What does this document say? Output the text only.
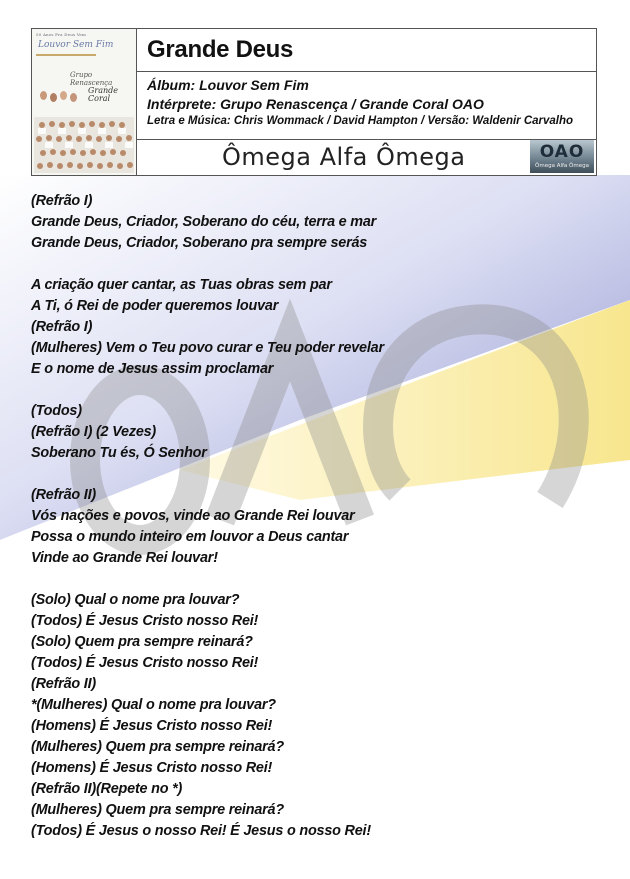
50 Anos Pra Deus Vem
Louvor Sem Fim
Grupo Renascença
Grande Coral
Grande Deus
Álbum: Louvor Sem Fim
Intérprete: Grupo Renascença / Grande Coral OAO
Letra e Música: Chris Wommack / David Hampton / Versão: Waldenir Carvalho
Ômega Alfa Ômega	OAO
Ômega Alfa Ômega
(Refrão I)
Grande Deus, Criador, Soberano do céu, terra e mar
Grande Deus, Criador, Soberano pra sempre serás
A criação quer cantar, as Tuas obras sem par
A Ti, ó Rei de poder queremos louvar
(Refrão I)
(Mulheres) Vem o Teu povo curar e Teu poder revelar
E o nome de Jesus assim proclamar
(Todos)
(Refrão I) (2 Vezes)
Soberano Tu és, Ó Senhor
(Refrão II)
Vós nações e povos, vinde ao Grande Rei louvar
Possa o mundo inteiro em louvor a Deus cantar
Vinde ao Grande Rei louvar!
(Solo) Qual o nome pra louvar?
(Todos) É Jesus Cristo nosso Rei!
(Solo) Quem pra sempre reinará?
(Todos) É Jesus Cristo nosso Rei!
(Refrão II)
*(Mulheres) Qual o nome pra louvar?
(Homens) É Jesus Cristo nosso Rei!
(Mulheres) Quem pra sempre reinará?
(Homens) É Jesus Cristo nosso Rei!
(Refrão II)(Repete no *)
(Mulheres) Quem pra sempre reinará?
(Todos) É Jesus o nosso Rei! É Jesus o nosso Rei!
